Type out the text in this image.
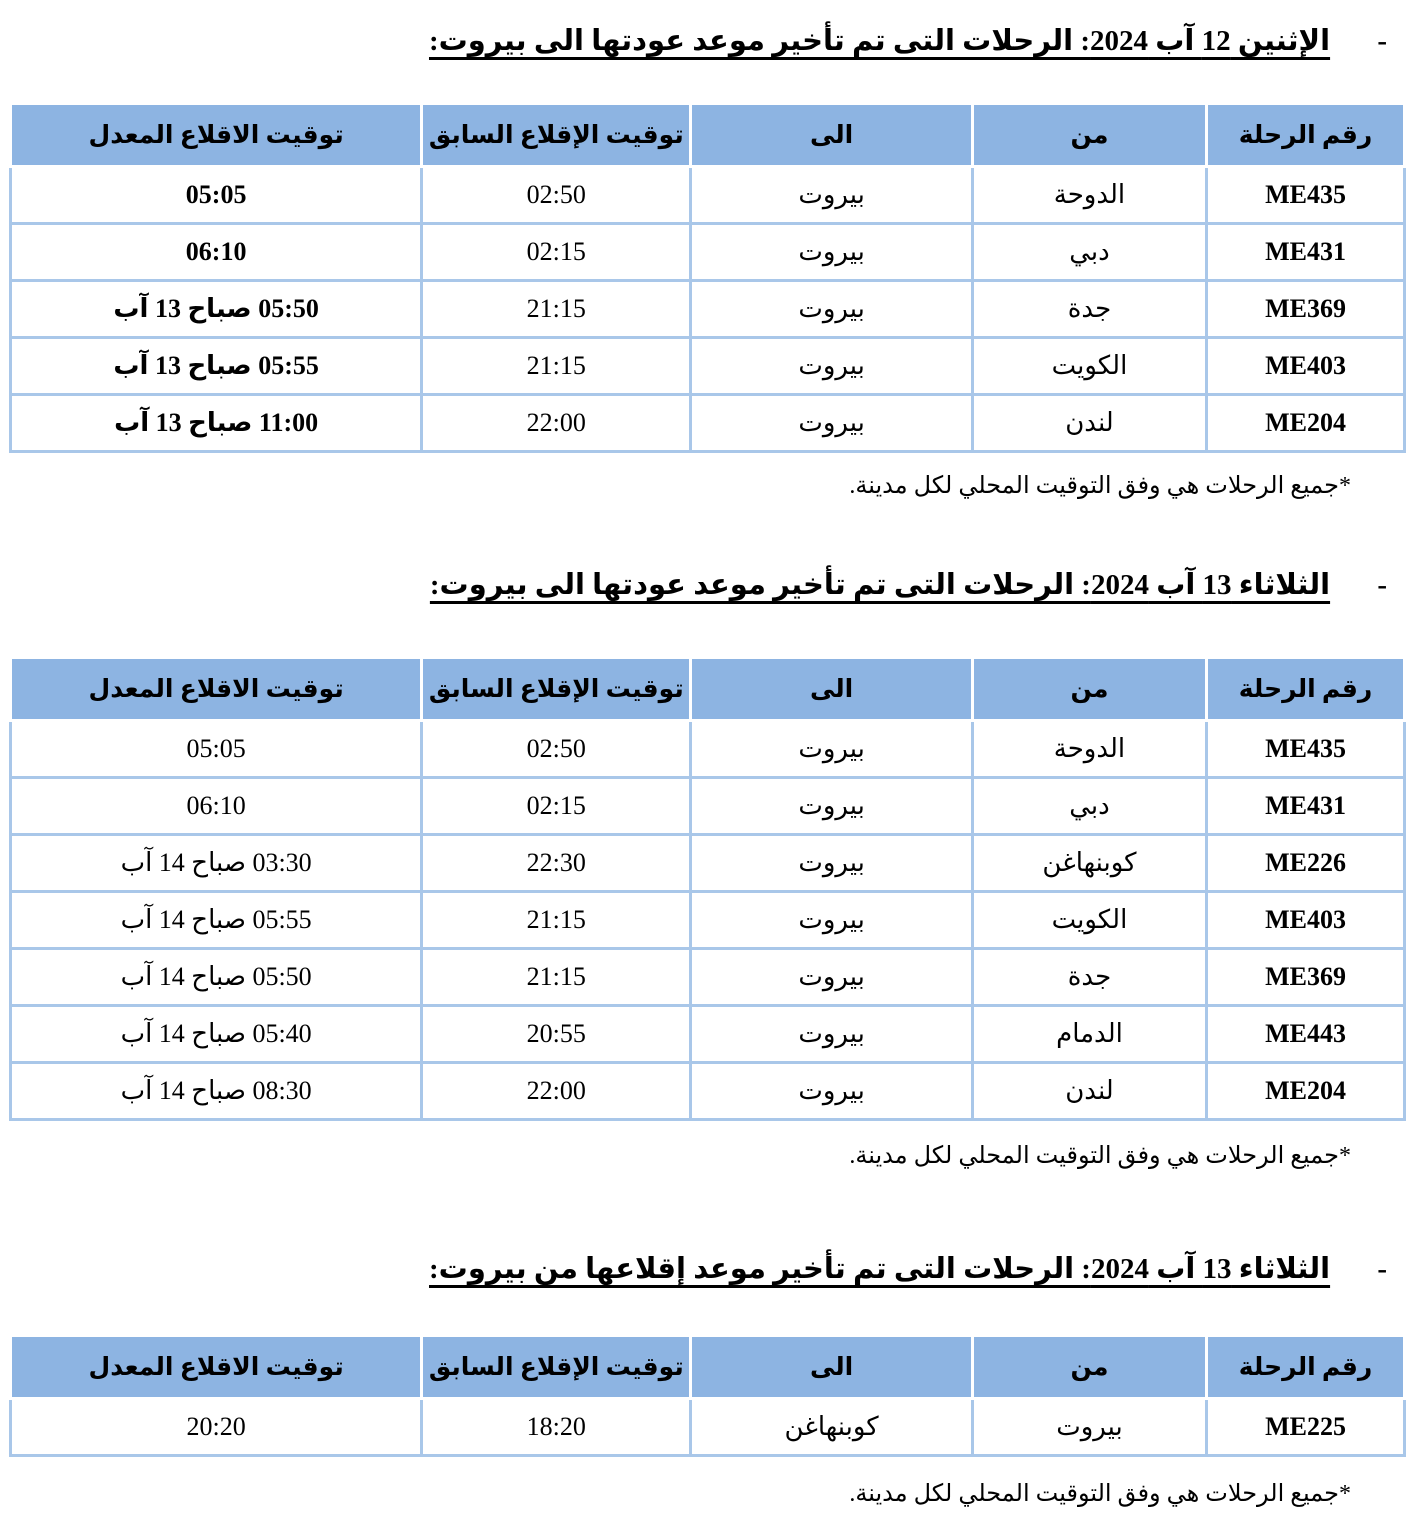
- الإثنين 12 آب 2024: الرحلات التى تم تأخير موعد عودتها الى بيروت:
رقم الرحلة	من	الى	توقيت الإقلاع السابق	توقيت الاقلاع المعدل
ME435	الدوحة	بيروت	02:50	05:05
ME431	دبي	بيروت	02:15	06:10
ME369	جدة	بيروت	21:15	05:50 صباح 13 آب
ME403	الكويت	بيروت	21:15	05:55 صباح 13 آب
ME204	لندن	بيروت	22:00	11:00 صباح 13 آب

*جميع الرحلات هي وفق التوقيت المحلي لكل مدينة.

- الثلاثاء 13 آب 2024: الرحلات التى تم تأخير موعد عودتها الى بيروت:
رقم الرحلة	من	الى	توقيت الإقلاع السابق	توقيت الاقلاع المعدل
ME435	الدوحة	بيروت	02:50	05:05
ME431	دبي	بيروت	02:15	06:10
ME226	كوبنهاغن	بيروت	22:30	03:30 صباح 14 آب
ME403	الكويت	بيروت	21:15	05:55 صباح 14 آب
ME369	جدة	بيروت	21:15	05:50 صباح 14 آب
ME443	الدمام	بيروت	20:55	05:40 صباح 14 آب
ME204	لندن	بيروت	22:00	08:30 صباح 14 آب

*جميع الرحلات هي وفق التوقيت المحلي لكل مدينة.

- الثلاثاء 13 آب 2024: الرحلات التى تم تأخير موعد إقلاعها من بيروت:
رقم الرحلة	من	الى	توقيت الإقلاع السابق	توقيت الاقلاع المعدل
ME225	بيروت	كوبنهاغن	18:20	20:20

*جميع الرحلات هي وفق التوقيت المحلي لكل مدينة.
